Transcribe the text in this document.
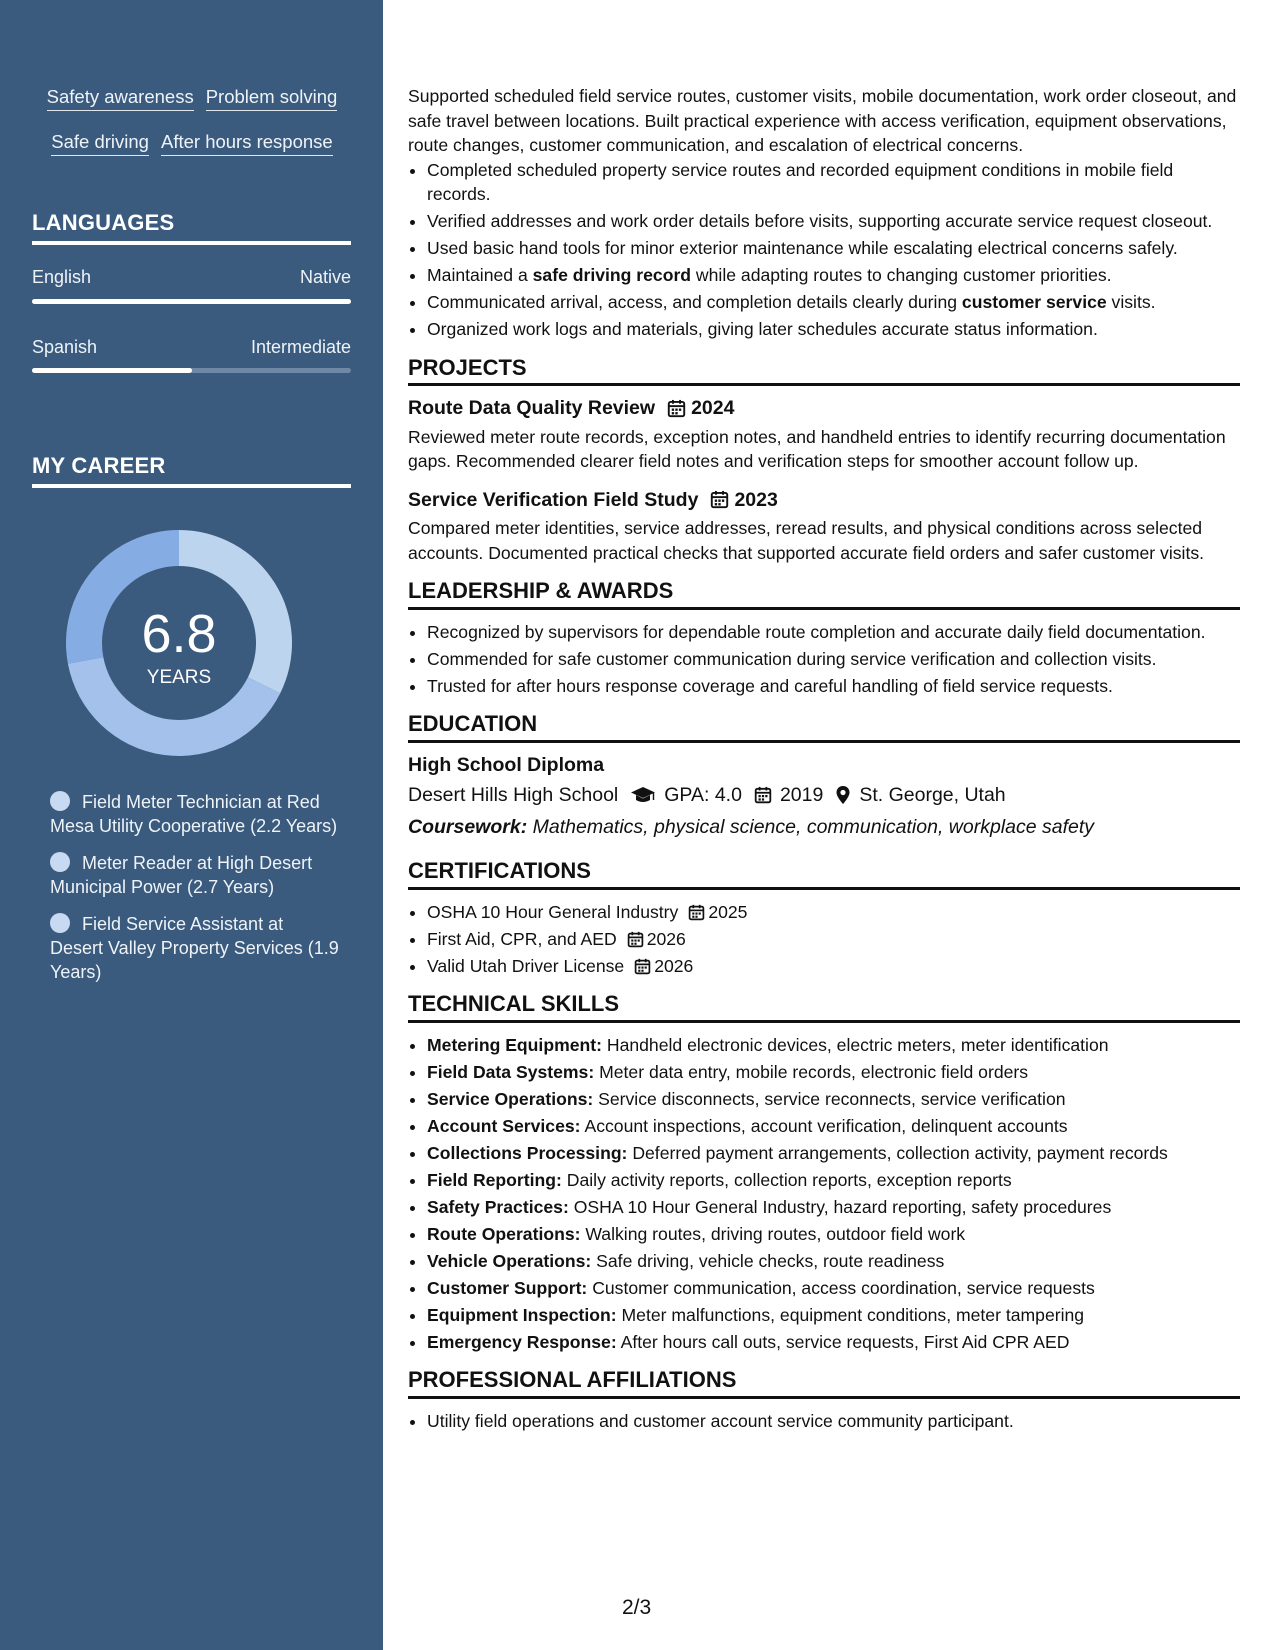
Safety awareness Problem solving
Safe driving After hours response
LANGUAGES
English	Native
Spanish	Intermediate
MY CAREER
6.8
YEARS
Field Meter Technician at Red Mesa Utility Cooperative (2.2 Years)
Meter Reader at High Desert Municipal Power (2.7 Years)
Field Service Assistant at Desert Valley Property Services (1.9 Years)

Supported scheduled field service routes, customer visits, mobile documentation, work order closeout, and safe travel between locations. Built practical experience with access verification, equipment observations, route changes, customer communication, and escalation of electrical concerns.

• Completed scheduled property service routes and recorded equipment conditions in mobile field records.
• Verified addresses and work order details before visits, supporting accurate service request closeout.
• Used basic hand tools for minor exterior maintenance while escalating electrical concerns safely.
• Maintained a safe driving record while adapting routes to changing customer priorities.
• Communicated arrival, access, and completion details clearly during customer service visits.
• Organized work logs and materials, giving later schedules accurate status information.
PROJECTS
Route Data Quality Review 2024

Reviewed meter route records, exception notes, and handheld entries to identify recurring documentation gaps. Recommended clearer field notes and verification steps for smoother account follow up.

Service Verification Field Study 2023

Compared meter identities, service addresses, reread results, and physical conditions across selected accounts. Documented practical checks that supported accurate field orders and safer customer visits.

LEADERSHIP & AWARDS
• Recognized by supervisors for dependable route completion and accurate daily field documentation.
• Commended for safe customer communication during service verification and collection visits.
• Trusted for after hours response coverage and careful handling of field service requests.
EDUCATION
High School Diploma
Desert Hills High School GPA: 4.0 2019 St. George, Utah
Coursework: Mathematics, physical science, communication, workplace safety
CERTIFICATIONS
• OSHA 10 Hour General Industry 2025
• First Aid, CPR, and AED 2026
• Valid Utah Driver License 2026
TECHNICAL SKILLS
• Metering Equipment: Handheld electronic devices, electric meters, meter identification
• Field Data Systems: Meter data entry, mobile records, electronic field orders
• Service Operations: Service disconnects, service reconnects, service verification
• Account Services: Account inspections, account verification, delinquent accounts
• Collections Processing: Deferred payment arrangements, collection activity, payment records
• Field Reporting: Daily activity reports, collection reports, exception reports
• Safety Practices: OSHA 10 Hour General Industry, hazard reporting, safety procedures
• Route Operations: Walking routes, driving routes, outdoor field work
• Vehicle Operations: Safe driving, vehicle checks, route readiness
• Customer Support: Customer communication, access coordination, service requests
• Equipment Inspection: Meter malfunctions, equipment conditions, meter tampering
• Emergency Response: After hours call outs, service requests, First Aid CPR AED
PROFESSIONAL AFFILIATIONS
• Utility field operations and customer account service community participant.
2/3
